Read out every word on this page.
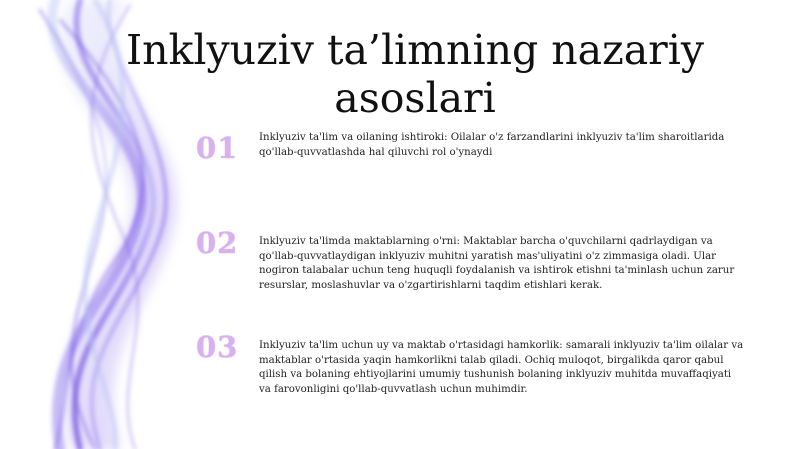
Inklyuziv ta’limning nazariy asoslari
01	Inklyuziv ta'lim va oilaning ishtiroki: Oilalar o'z farzandlarini inklyuziv ta'lim sharoitlarida qo'llab-quvvatlashda hal qiluvchi rol o'ynaydi

02	Inklyuziv ta'limda maktablarning o'rni: Maktablar barcha o'quvchilarni qadrlaydigan va qo'llab-quvvatlaydigan inklyuziv muhitni yaratish mas'uliyatini o'z zimmasiga oladi. Ular nogiron talabalar uchun teng huquqli foydalanish va ishtirok etishni ta'minlash uchun zarur resurslar, moslashuvlar va o'zgartirishlarni taqdim etishlari kerak.

03	Inklyuziv ta'lim uchun uy va maktab o'rtasidagi hamkorlik: samarali inklyuziv ta'lim oilalar va maktablar o'rtasida yaqin hamkorlikni talab qiladi. Ochiq muloqot, birgalikda qaror qabul qilish va bolaning ehtiyojlarini umumiy tushunish bolaning inklyuziv muhitda muvaffaqiyati va farovonligini qo'llab-quvvatlash uchun muhimdir.
